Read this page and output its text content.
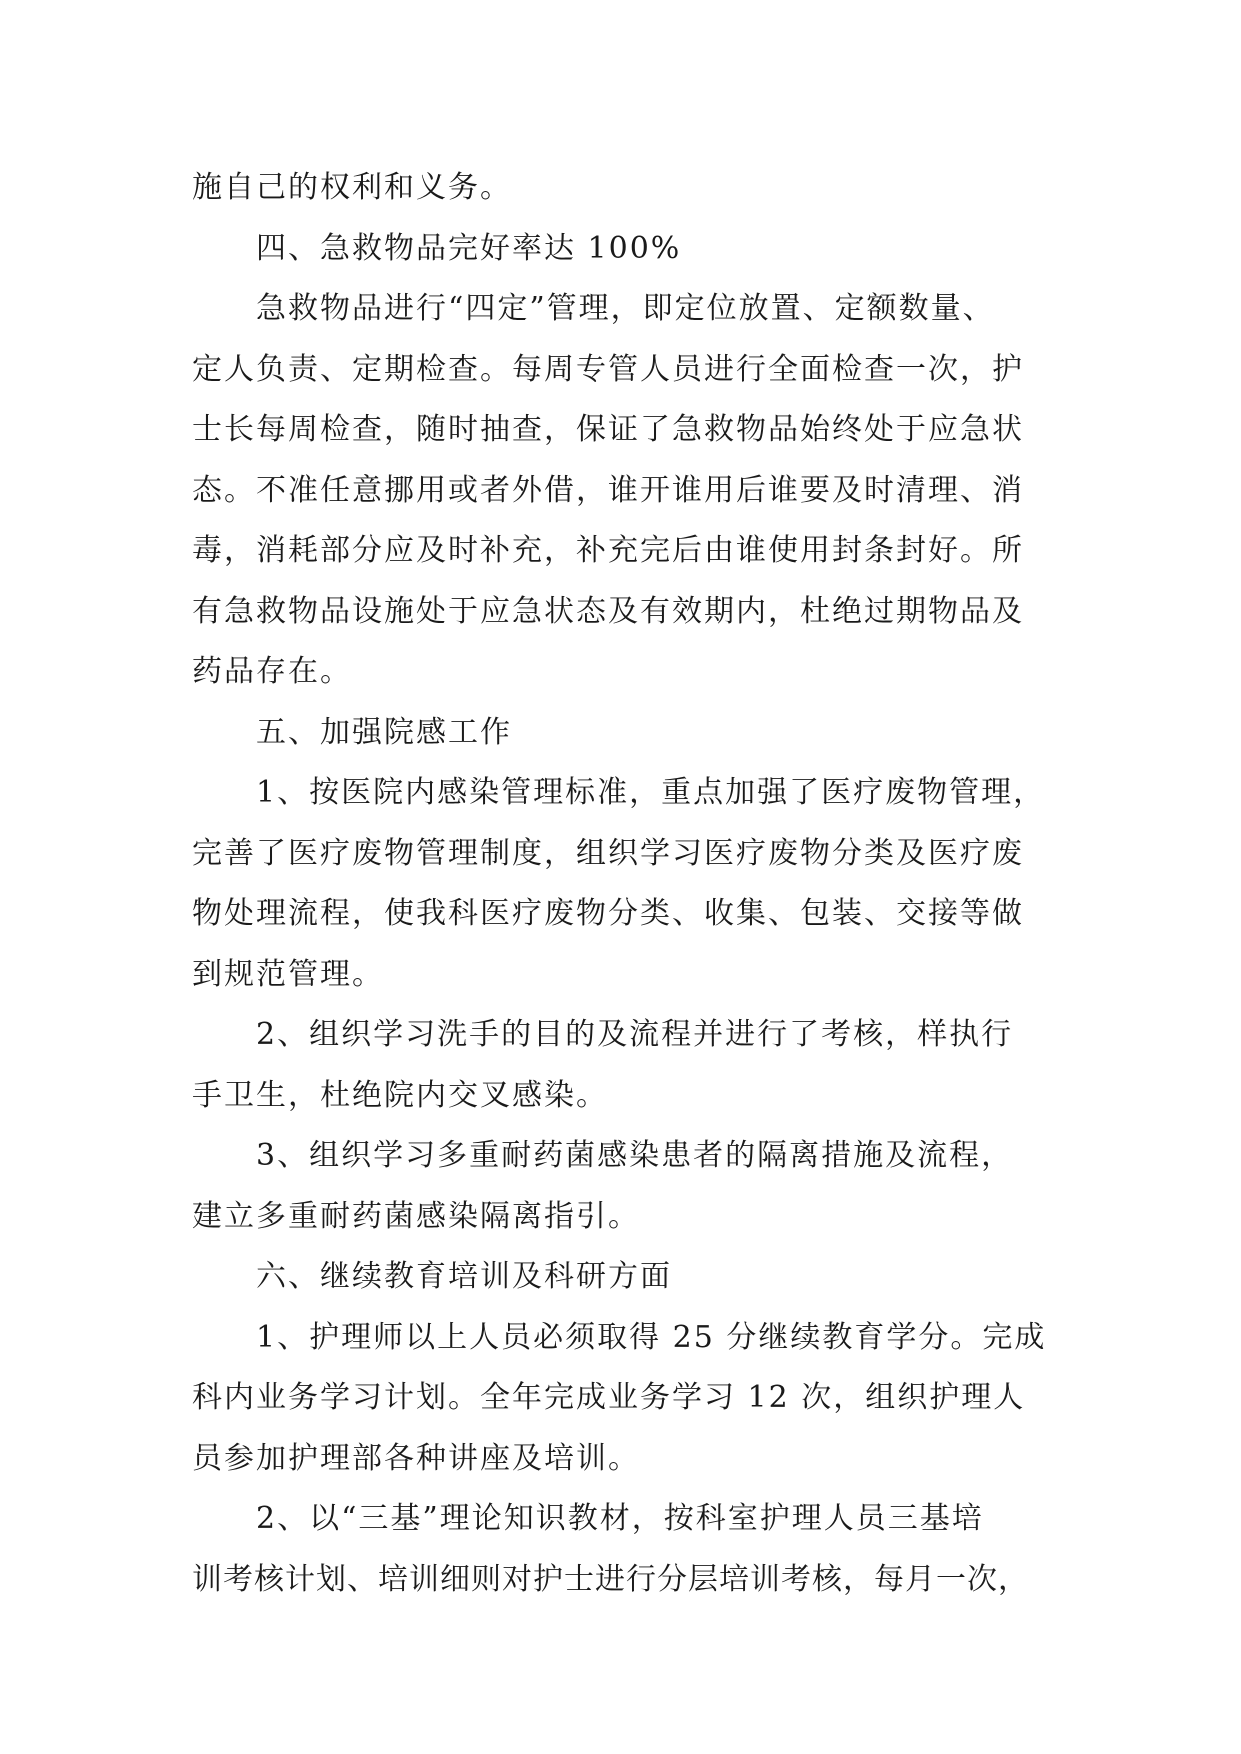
施自己的权利和义务。
四、急救物品完好率达 100%
急救物品进行“四定”管理，即定位放置、定额数量、
定人负责、定期检查。每周专管人员进行全面检查一次，护
士长每周检查，随时抽查，保证了急救物品始终处于应急状
态。不准任意挪用或者外借，谁开谁用后谁要及时清理、消
毒，消耗部分应及时补充，补充完后由谁使用封条封好。所
有急救物品设施处于应急状态及有效期内，杜绝过期物品及
药品存在。
五、加强院感工作
1、按医院内感染管理标准，重点加强了医疗废物管理，
完善了医疗废物管理制度，组织学习医疗废物分类及医疗废
物处理流程，使我科医疗废物分类、收集、包装、交接等做
到规范管理。
2、组织学习洗手的目的及流程并进行了考核，样执行
手卫生，杜绝院内交叉感染。
3、组织学习多重耐药菌感染患者的隔离措施及流程，
建立多重耐药菌感染隔离指引。
六、继续教育培训及科研方面
1、护理师以上人员必须取得 25 分继续教育学分。完成
科内业务学习计划。全年完成业务学习 12 次，组织护理人
员参加护理部各种讲座及培训。
2、以“三基”理论知识教材，按科室护理人员三基培
训考核计划、培训细则对护士进行分层培训考核，每月一次，
